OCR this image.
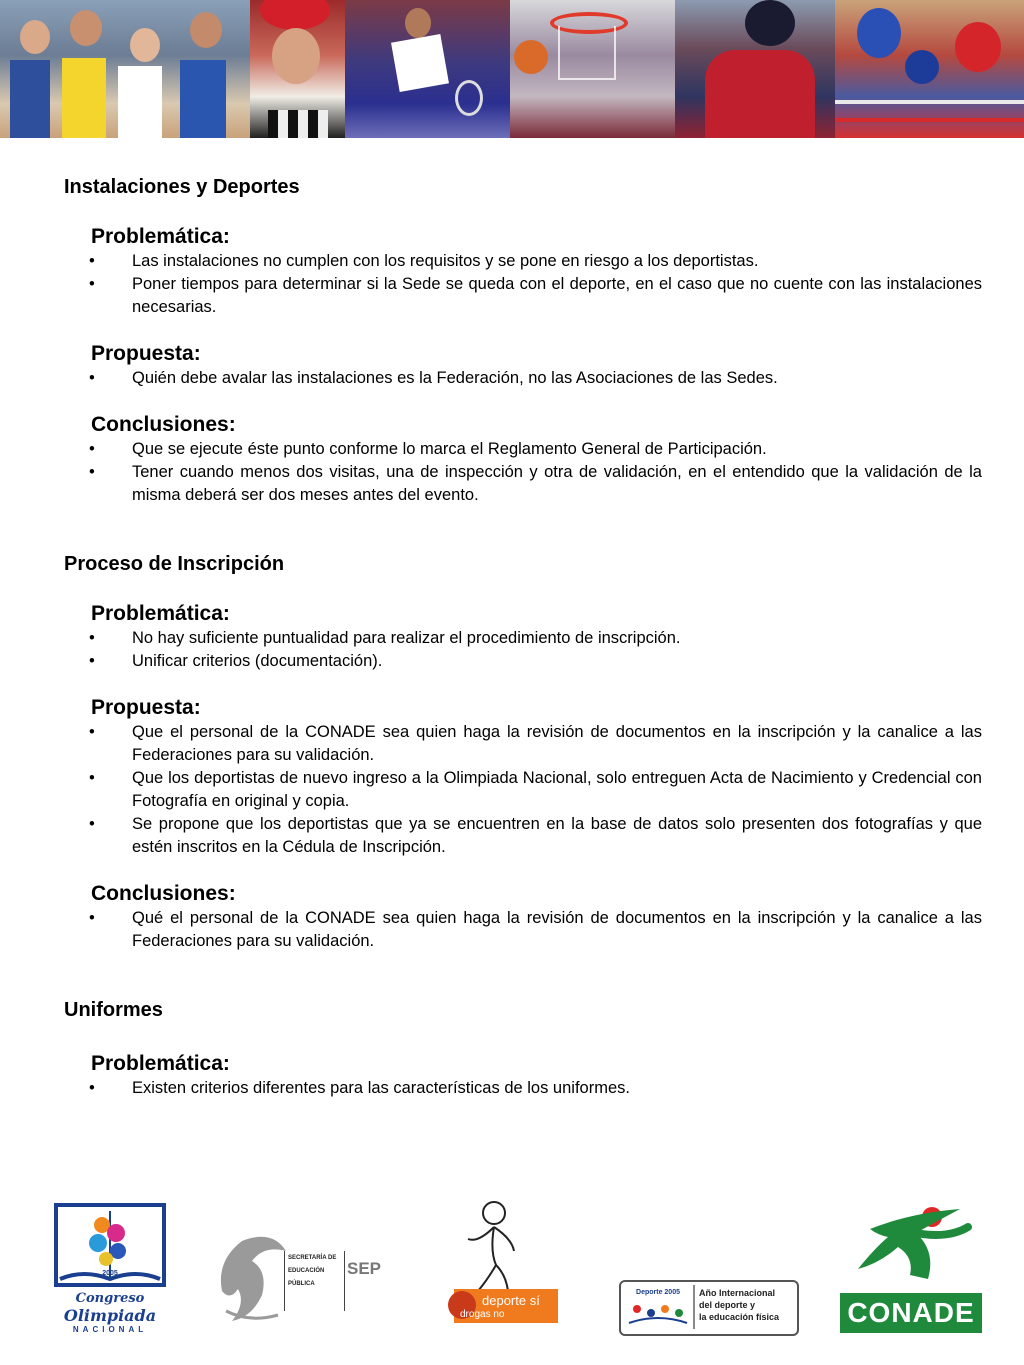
Instalaciones y Deportes
Problemática:
• Las instalaciones no cumplen con los requisitos y se pone en riesgo a los deportistas.
• Poner tiempos para determinar si la Sede se queda con el deporte, en el caso que no cuente con las instalaciones necesarias.
Propuesta:
• Quién debe avalar las instalaciones es la Federación, no las Asociaciones de las Sedes.
Conclusiones:
• Que se ejecute éste punto conforme lo marca el Reglamento General de Participación.
• Tener cuando menos dos visitas, una de inspección y otra de validación, en el entendido que la validación de la misma deberá ser dos meses antes del evento.
Proceso de Inscripción
Problemática:
• No hay suficiente puntualidad para realizar el procedimiento de inscripción.
• Unificar criterios (documentación).
Propuesta:
• Que el personal de la CONADE sea quien haga la revisión de documentos en la inscripción y la canalice a las Federaciones para su validación.
• Que los deportistas de nuevo ingreso a la Olimpiada Nacional, solo entreguen Acta de Nacimiento y Credencial con Fotografía en original y copia.
• Se propone que los deportistas que ya se encuentren en la base de datos solo presenten dos fotografías y que estén inscritos en la Cédula de Inscripción.
Conclusiones:
• Qué el personal de la CONADE sea quien haga la revisión de documentos en la inscripción y la canalice a las Federaciones para su validación.
Uniformes
Problemática:
• Existen criterios diferentes para las características de los uniformes.
2005
Congreso
Olimpiada
NACIONAL
SECRETARÍA DE
EDUCACIÓN
PÚBLICA
SEP
deporte sí
drogas no
Deporte 2005	Año Internacional
del deporte y
la educación física	CONADE
